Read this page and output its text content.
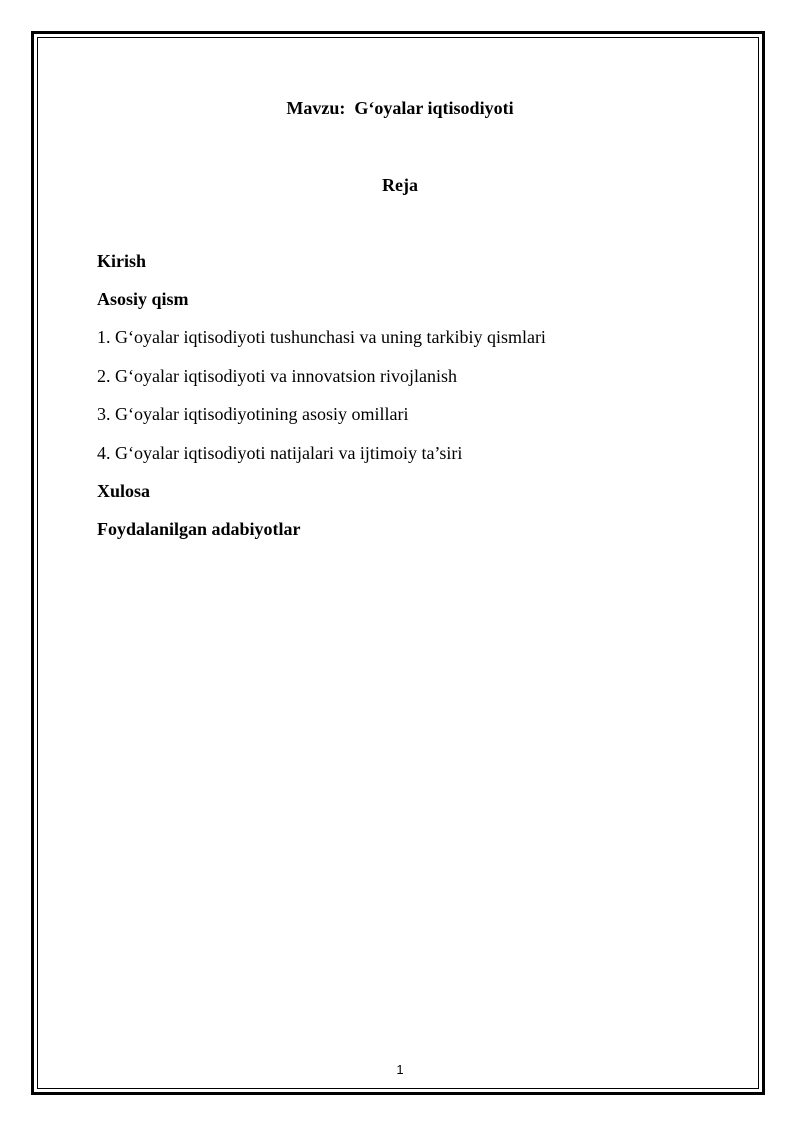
Mavzu:  G‘oyalar iqtisodiyoti
Reja
Kirish
Asosiy qism
1. G‘oyalar iqtisodiyoti tushunchasi va uning tarkibiy qismlari
2. G‘oyalar iqtisodiyoti va innovatsion rivojlanish
3. G‘oyalar iqtisodiyotining asosiy omillari
4. G‘oyalar iqtisodiyoti natijalari va ijtimoiy ta’siri
Xulosa
Foydalanilgan adabiyotlar
1
